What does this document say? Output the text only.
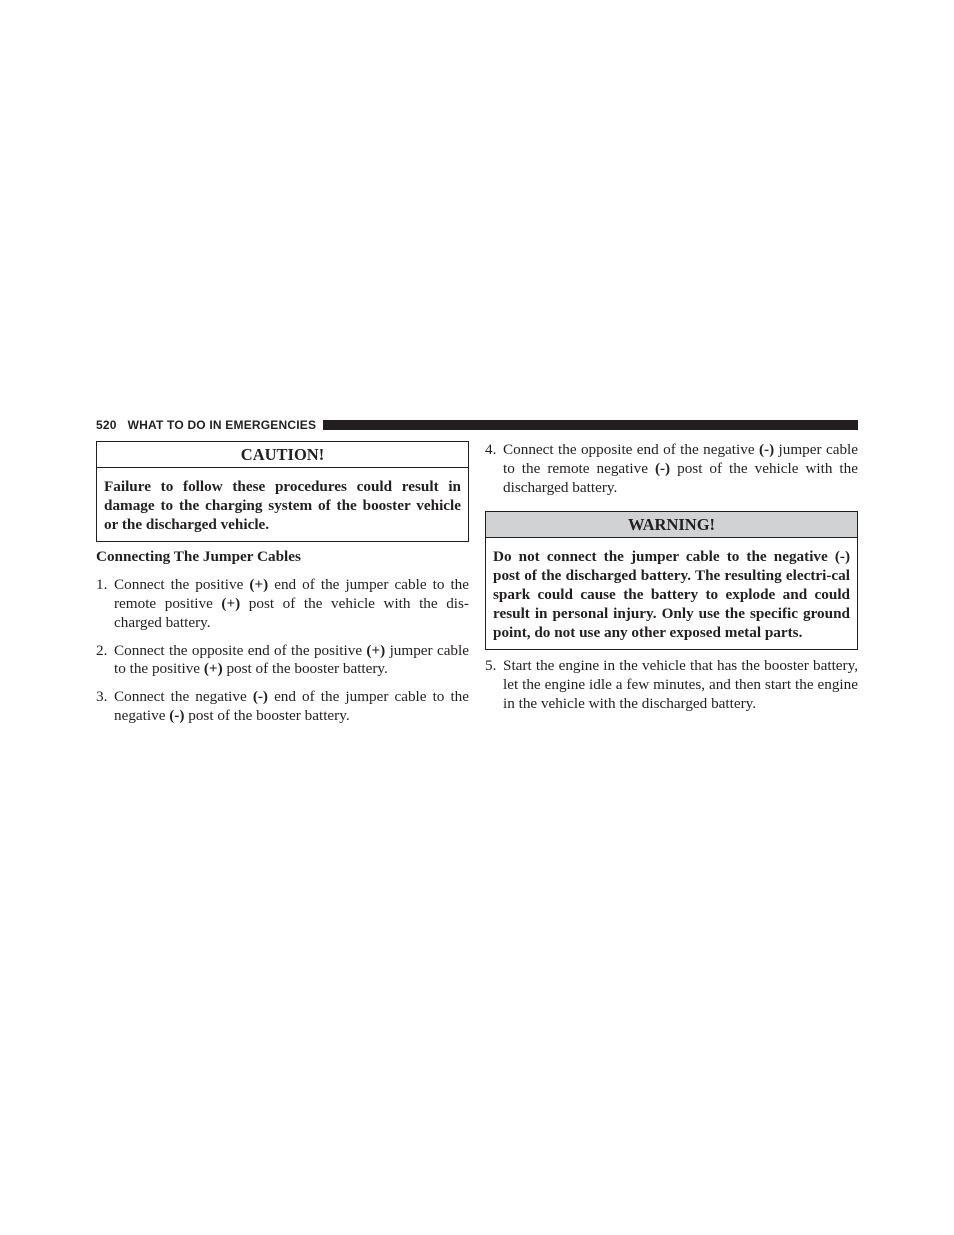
520 WHAT TO DO IN EMERGENCIES
CAUTION!
Failure to follow these procedures could result in damage to the charging system of the booster vehicle or the discharged vehicle.
Connecting The Jumper Cables
1. Connect the positive (+) end of the jumper cable to the remote positive (+) post of the vehicle with the dis-charged battery.
2. Connect the opposite end of the positive (+) jumper cable to the positive (+) post of the booster battery.
3. Connect the negative (-) end of the jumper cable to the negative (-) post of the booster battery.
4. Connect the opposite end of the negative (-) jumper cable to the remote negative (-) post of the vehicle with the discharged battery.
WARNING!
Do not connect the jumper cable to the negative (-) post of the discharged battery. The resulting electri-cal spark could cause the battery to explode and could result in personal injury. Only use the specific ground point, do not use any other exposed metal parts.
5. Start the engine in the vehicle that has the booster battery, let the engine idle a few minutes, and then start the engine in the vehicle with the discharged battery.
